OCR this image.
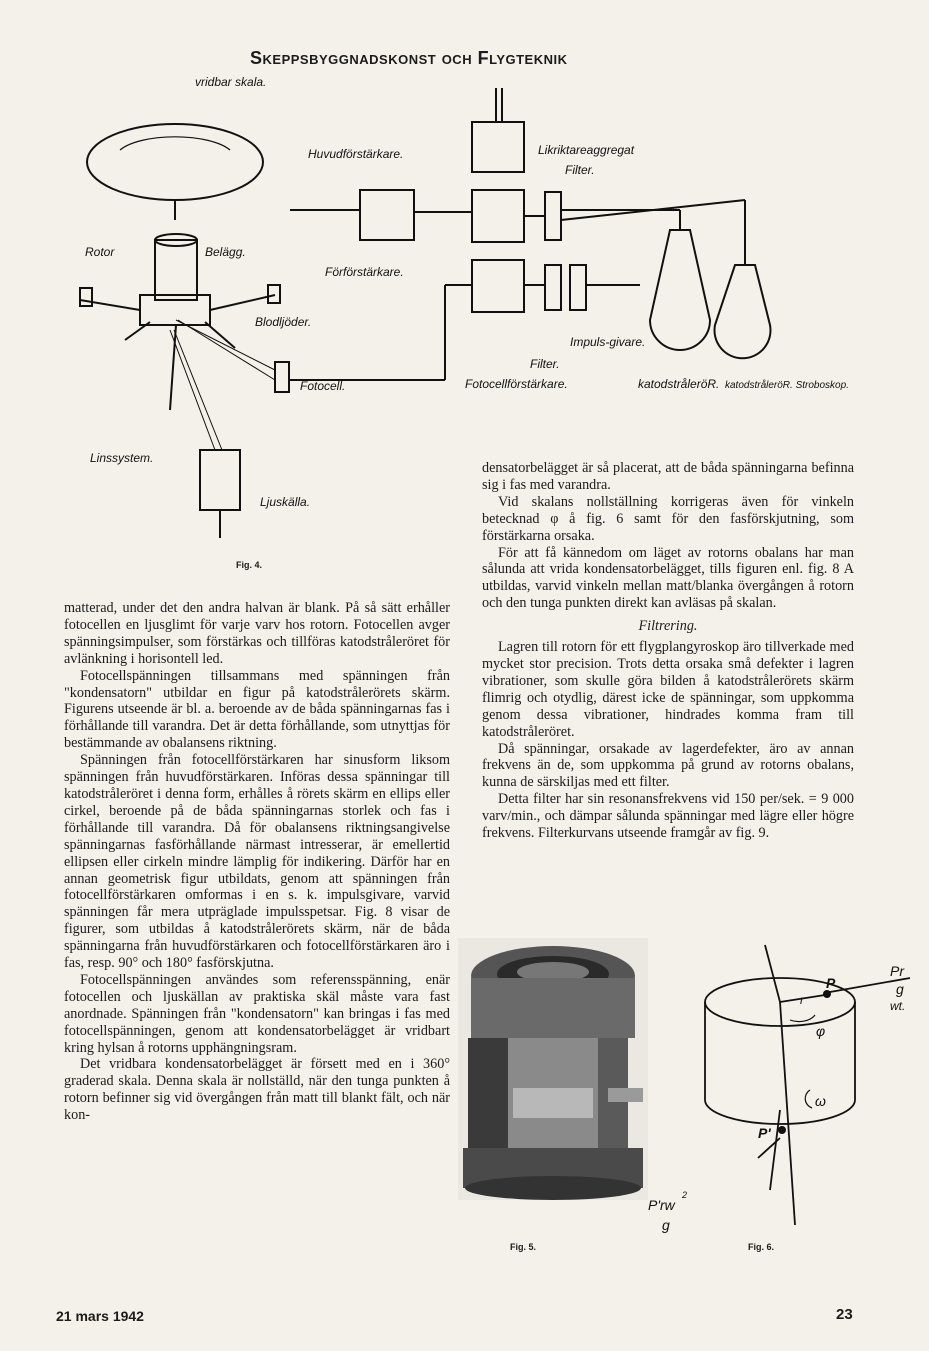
Skeppsbyggnadskonst och Flygteknik
vridbar skala.
Huvudförstärkare.	Likriktareaggregat
Filter.
Rotor	Belägg.
Förförstärkare.
Blodljöder.
Impuls-givare.
Filter.
Fotocell.	Fotocellförstärkare.	katodstråleröR. katodstråleröR. Stroboskop.
Linssystem.
Ljuskälla.
Fig. 4.

matterad, under det den andra halvan är blank. På så sätt erhåller fotocellen en ljusglimt för varje varv hos rotorn. Fotocellen avger spänningsimpulser, som förstärkas och tillföras katodstråleröret för avlänkning i horisontell led.

Fotocellspänningen tillsammans med spänningen från "kondensatorn" utbildar en figur på katodstrålerörets skärm. Figurens utseende är bl. a. beroende av de båda spänningarnas fas i förhållande till varandra. Det är detta förhållande, som utnyttjas för bestämmande av obalansens riktning.

Spänningen från fotocellförstärkaren har sinusform liksom spänningen från huvudförstärkaren. Införas dessa spänningar till katodstråleröret i denna form, erhålles å rörets skärm en ellips eller cirkel, beroende på de båda spänningarnas storlek och fas i förhållande till varandra. Då för obalansens riktningsangivelse spänningarnas fasförhållande närmast intresserar, är emellertid ellipsen eller cirkeln mindre lämplig för indikering. Därför har en annan geometrisk figur utbildats, genom att spänningen från fotocellförstärkaren omformas i en s. k. impulsgivare, varvid spänningen får mera utpräglade impulsspetsar. Fig. 8 visar de figurer, som utbildas å katodstrålerörets skärm, när de båda spänningarna från huvudförstärkaren och fotocellförstärkaren äro i fas, resp. 90° och 180° fasförskjutna.

Fotocellspänningen användes som referensspänning, enär fotocellen och ljuskällan av praktiska skäl måste vara fast anordnade. Spänningen från "kondensatorn" kan bringas i fas med fotocellspänningen, genom att kondensatorbelägget är vridbart kring hylsan å rotorns upphängningsram.

Det vridbara kondensatorbelägget är försett med en i 360° graderad skala. Denna skala är nollställd, när den tunga punkten å rotorn befinner sig vid övergången från matt till blankt fält, och när kon-

densatorbelägget är så placerat, att de båda spänningarna befinna sig i fas med varandra.

Vid skalans nollställning korrigeras även för vinkeln betecknad φ å fig. 6 samt för den fasförskjutning, som förstärkarna orsaka.

För att få kännedom om läget av rotorns obalans har man sålunda att vrida kondensatorbelägget, tills figuren enl. fig. 8 A utbildas, varvid vinkeln mellan matt/blanka övergången å rotorn och den tunga punkten direkt kan avläsas på skalan.

Filtrering.

Lagren till rotorn för ett flygplangyroskop äro tillverkade med mycket stor precision. Trots detta orsaka små defekter i lagren vibrationer, som skulle göra bilden å katodstrålerörets skärm flimrig och otydlig, därest icke de spänningar, som uppkomma genom dessa vibrationer, hindrades komma fram till katodstråleröret.

Då spänningar, orsakade av lagerdefekter, äro av annan frekvens än de, som uppkomma på grund av rotorns obalans, kunna de särskiljas med ett filter.

Detta filter har sin resonansfrekvens vid 150 per/sek. = 9 000 varv/min., och dämpar sålunda spänningar med lägre eller högre frekvens. Filterkurvans utseende framgår av fig. 9.

Fig. 5.
Pr
g
wt.
P
r
φ
ω
P'
P'rw
2
g
Fig. 6.
21 mars 1942	23
